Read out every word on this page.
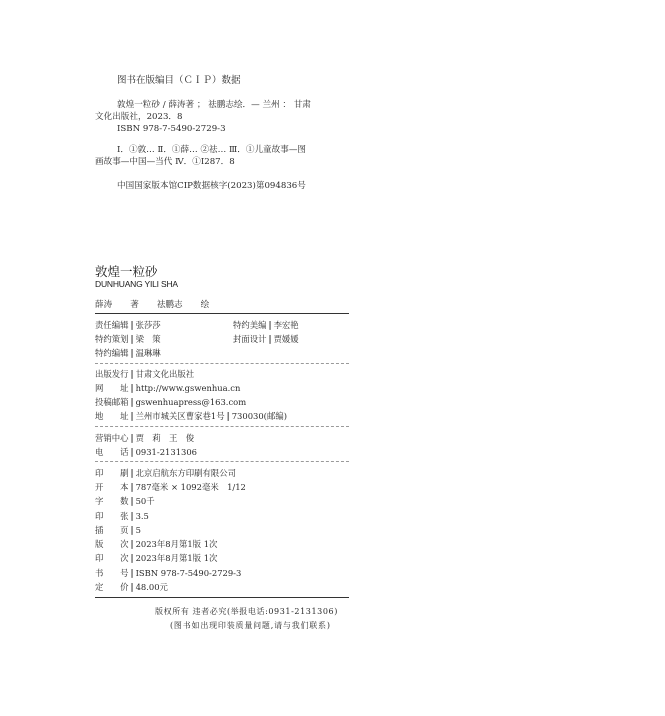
图书在版编目（ＣＩＰ）数据
敦煌一粒砂 / 薛涛著 ； 祛鹏志绘．— 兰州 ： 甘肃
文化出版社，2023．8
ISBN 978-7-5490-2729-3
Ⅰ．①敦… Ⅱ．①薛… ②祛… Ⅲ．①儿童故事—图
画故事—中国—当代 Ⅳ．①I287．8
中国国家版本馆CIP数据核字(2023)第094836号
敦煌一粒砂
DUNHUANG YILI SHA
薛涛 著 祛鹏志 绘
责任编辑 | 张莎莎	特约美编 | 李宏艳
特约策划 | 梁　策	封面设计 | 贾媛媛
特约编辑 | 温琳琳
出版发行 | 甘肃文化出版社
网　　址 | http://www.gswenhua.cn
投稿邮箱 | gswenhuapress@163.com
地　　址 | 兰州市城关区曹家巷1号 | 730030(邮编)
营销中心 | 贾　莉　王　俊
电　　话 | 0931-2131306
印　　刷 | 北京启航东方印刷有限公司
开　　本 | 787毫米 × 1092毫米　1/12
字　　数 | 50千
印　　张 | 3.5
插　　页 | 5
版　　次 | 2023年8月第1版 1次
印　　次 | 2023年8月第1版 1次
书　　号 | ISBN 978-7-5490-2729-3
定　　价 | 48.00元
版权所有 违者必究(举报电话:0931-2131306)
(图书如出现印装质量问题,请与我们联系)
